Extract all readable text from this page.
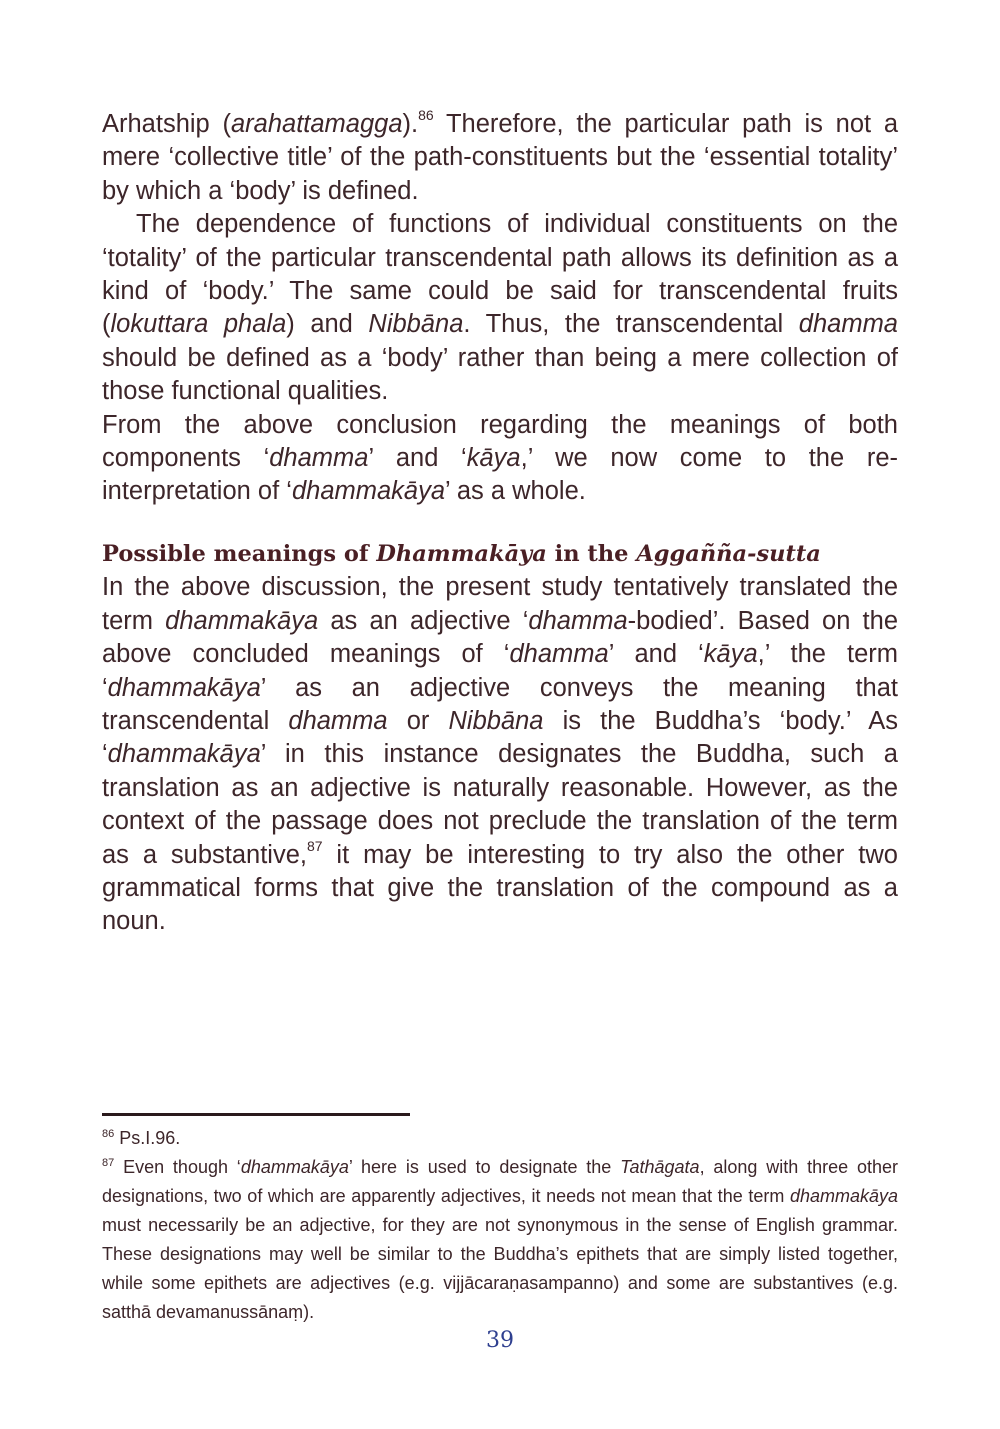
Arhatship (arahattamagga).$^{86}$ Therefore, the particular path is not a mere ‘collective title’ of the path-constituents but the ‘essential totality’ by which a ‘body’ is defined.

The dependence of functions of individual constituents on the ‘totality’ of the particular transcendental path allows its definition as a kind of ‘body.’ The same could be said for transcendental fruits (lokuttara phala) and Nibbāna. Thus, the transcendental dhamma should be defined as a ‘body’ rather than being a mere collection of those functional qualities.

From the above conclusion regarding the meanings of both components ‘dhamma’ and ‘kāya,’ we now come to the re-interpretation of ‘dhammakāya’ as a whole.

Possible meanings of Dhammakāya in the Aggañña-sutta

In the above discussion, the present study tentatively translated the term dhammakāya as an adjective ‘dhamma-bodied’. Based on the above concluded meanings of ‘dhamma’ and ‘kāya,’ the term ‘dhammakāya’ as an adjective conveys the meaning that transcendental dhamma or Nibbāna is the Buddha’s ‘body.’ As ‘dhammakāya’ in this instance designates the Buddha, such a translation as an adjective is naturally reasonable. However, as the context of the passage does not preclude the translation of the term as a substantive,$^{87}$ it may be interesting to try also the other two grammatical forms that give the translation of the compound as a noun.

$^{86}$ Ps.I.96.

$^{87}$ Even though ‘dhammakāya’ here is used to designate the Tathāgata, along with three other designations, two of which are apparently adjectives, it needs not mean that the term dhammakāya must necessarily be an adjective, for they are not synonymous in the sense of English grammar. These designations may well be similar to the Buddha’s epithets that are simply listed together, while some epithets are adjectives (e.g. vijjācaraṇasampanno) and some are substantives (e.g. satthā devamanussānaṃ).

39
